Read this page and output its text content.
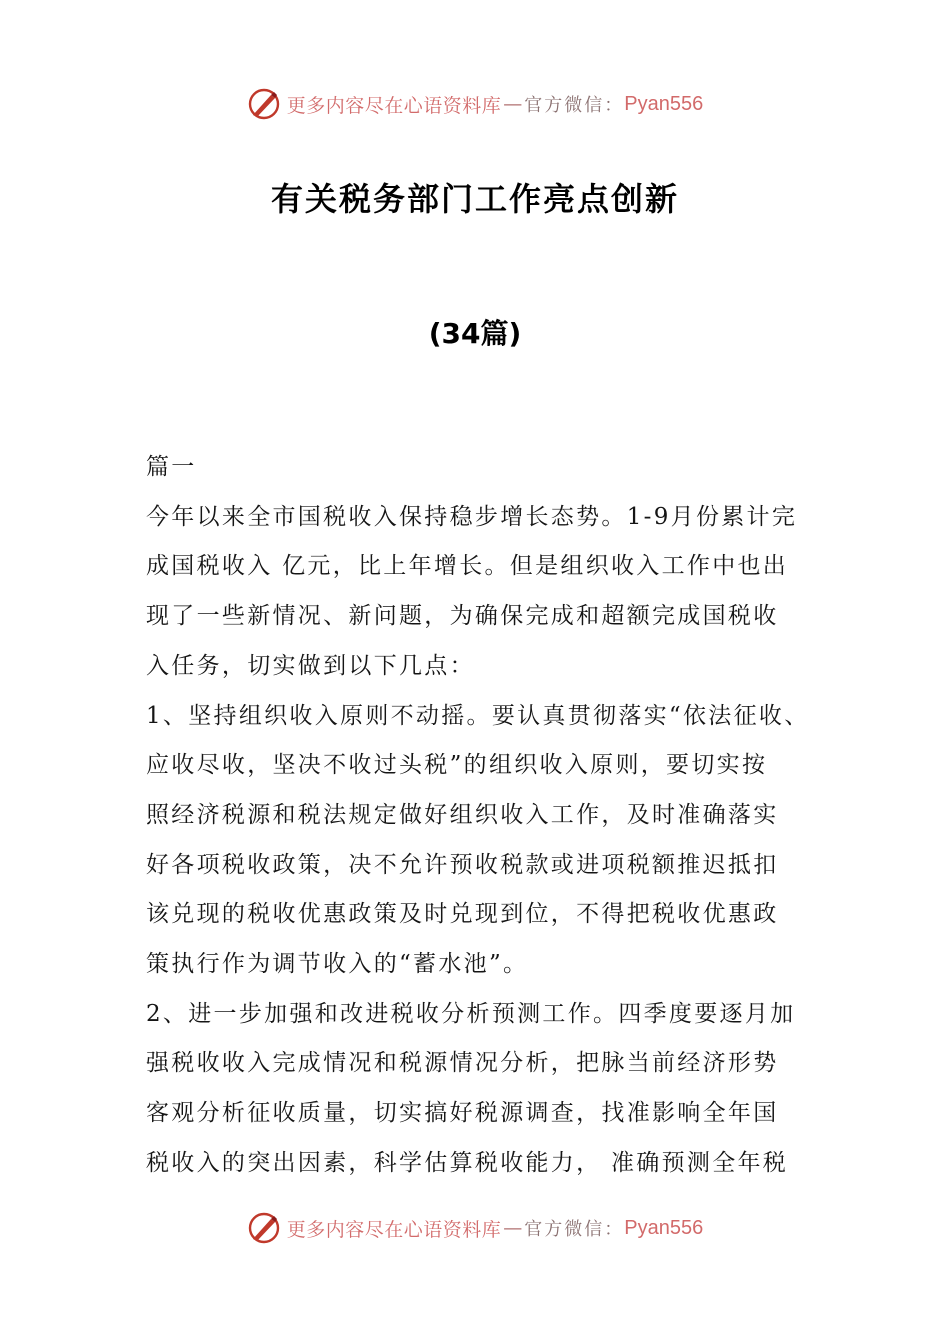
更多内容尽在心语资料库 — 官方微信： Pyan556
有关税务部门工作亮点创新
(34篇)

篇一

今年以来全市国税收入保持稳步增长态势。1-9月份累计完

成国税收入 亿元，比上年增长。但是组织收入工作中也出

现了一些新情况、新问题，为确保完成和超额完成国税收

入任务，切实做到以下几点：

1、坚持组织收入原则不动摇。要认真贯彻落实“依法征收、

应收尽收，坚决不收过头税”的组织收入原则，要切实按

照经济税源和税法规定做好组织收入工作，及时准确落实

好各项税收政策，决不允许预收税款或进项税额推迟抵扣

该兑现的税收优惠政策及时兑现到位，不得把税收优惠政

策执行作为调节收入的“蓄水池”。

2、进一步加强和改进税收分析预测工作。四季度要逐月加

强税收收入完成情况和税源情况分析，把脉当前经济形势

客观分析征收质量，切实搞好税源调查，找准影响全年国

税收入的突出因素，科学估算税收能力， 准确预测全年税

更多内容尽在心语资料库 — 官方微信： Pyan556
